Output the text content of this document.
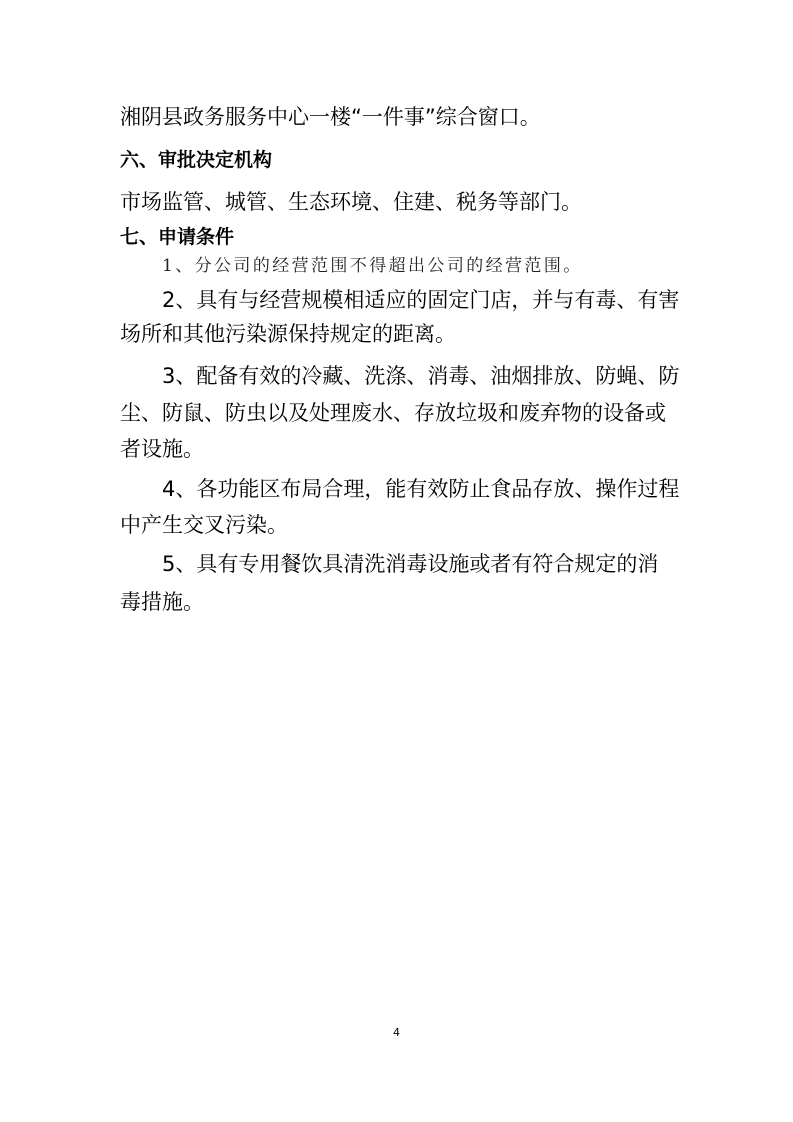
湘阴县政务服务中心一楼“一件事”综合窗口。
六、审批决定机构
市场监管、城管、生态环境、住建、税务等部门。
七、申请条件
1、分公司的经营范围不得超出公司的经营范围。
2、具有与经营规模相适应的固定门店，并与有毒、有害
场所和其他污染源保持规定的距离。
3、配备有效的冷藏、洗涤、消毒、油烟排放、防蝇、防
尘、防鼠、防虫以及处理废水、存放垃圾和废弃物的设备或
者设施。
4、各功能区布局合理，能有效防止食品存放、操作过程
中产生交叉污染。
5、具有专用餐饮具清洗消毒设施或者有符合规定的消
毒措施。
4
